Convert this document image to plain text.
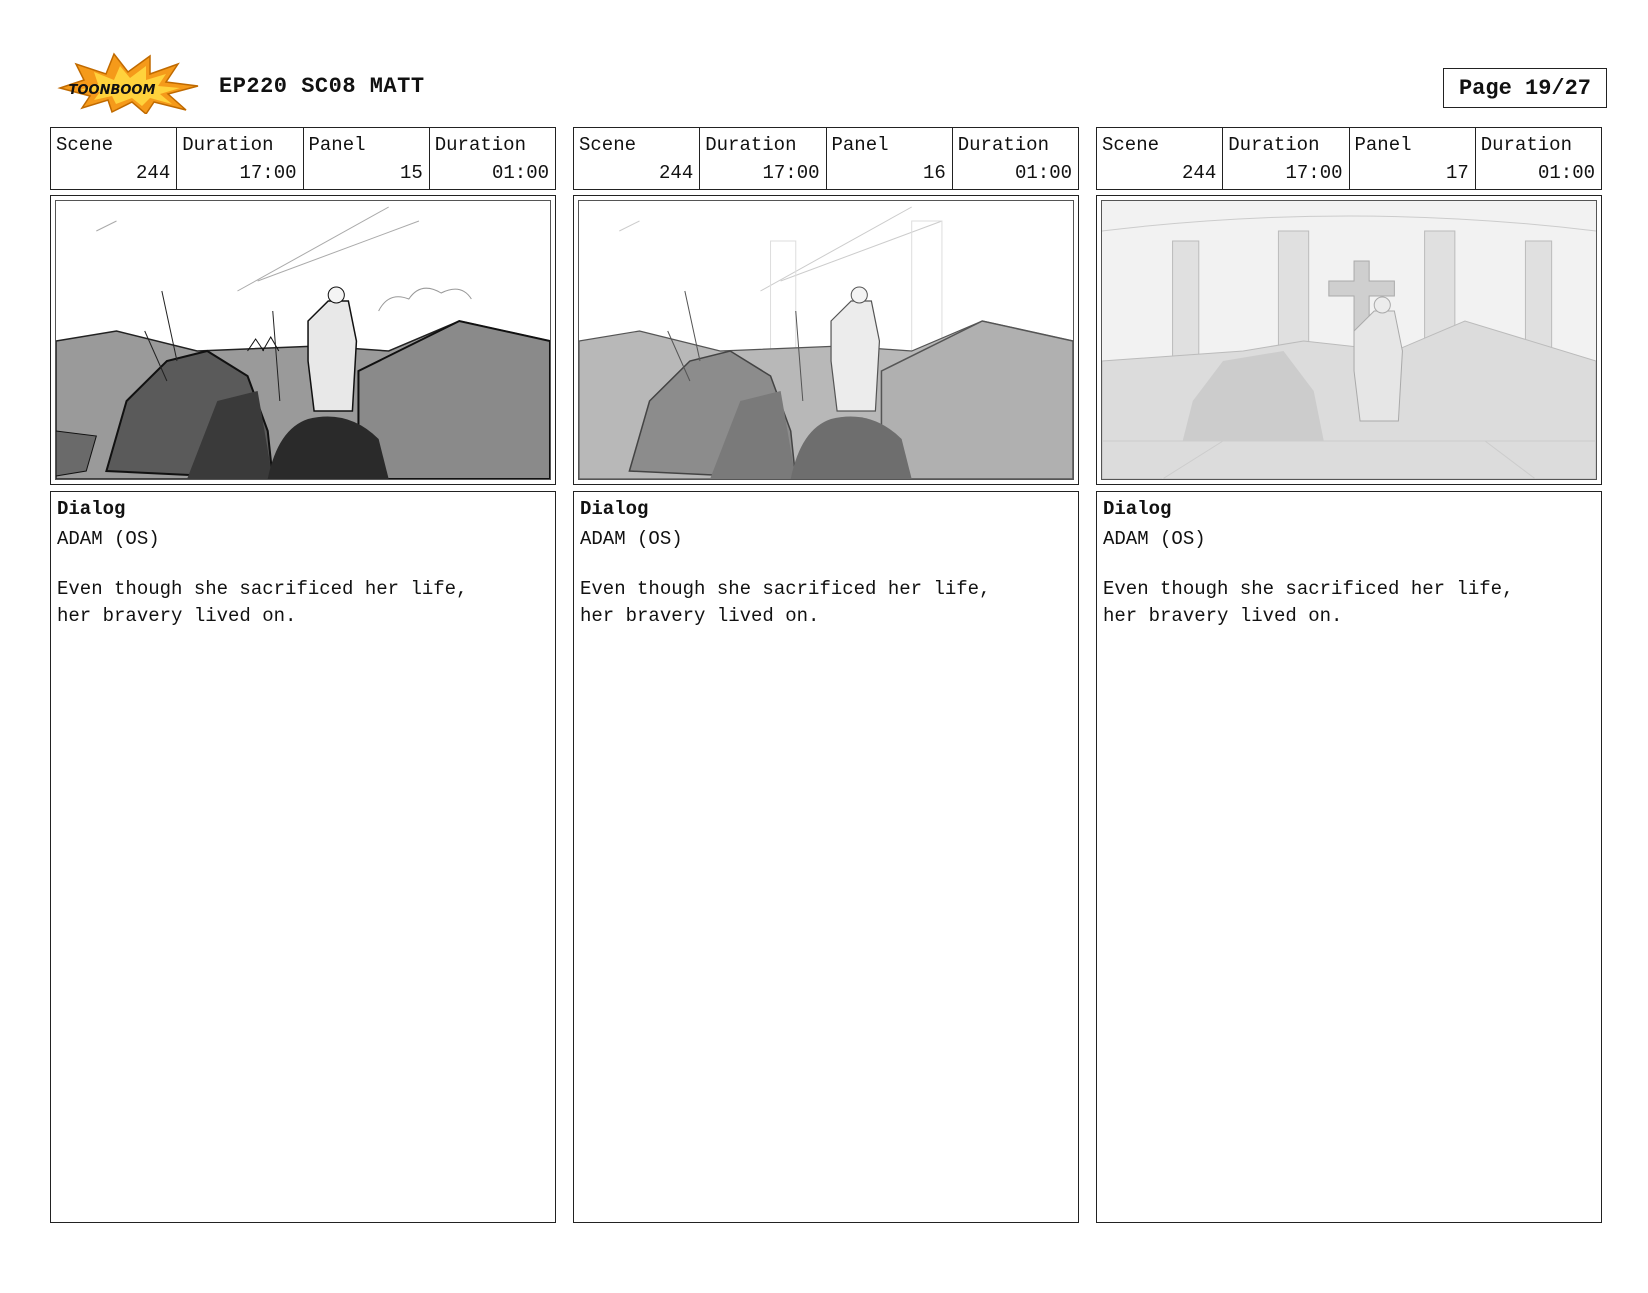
TOONBOOM	EP220 SC08 MATT	Page 19/27
Scene
244
Duration
17:00
Panel
15
Duration
01:00
Dialog
ADAM (OS)
Even though she sacrificed her life,
her bravery lived on.
Scene
244
Duration
17:00
Panel
16
Duration
01:00
Dialog
ADAM (OS)
Even though she sacrificed her life,
her bravery lived on.
Scene
244
Duration
17:00
Panel
17
Duration
01:00
Dialog
ADAM (OS)
Even though she sacrificed her life,
her bravery lived on.
